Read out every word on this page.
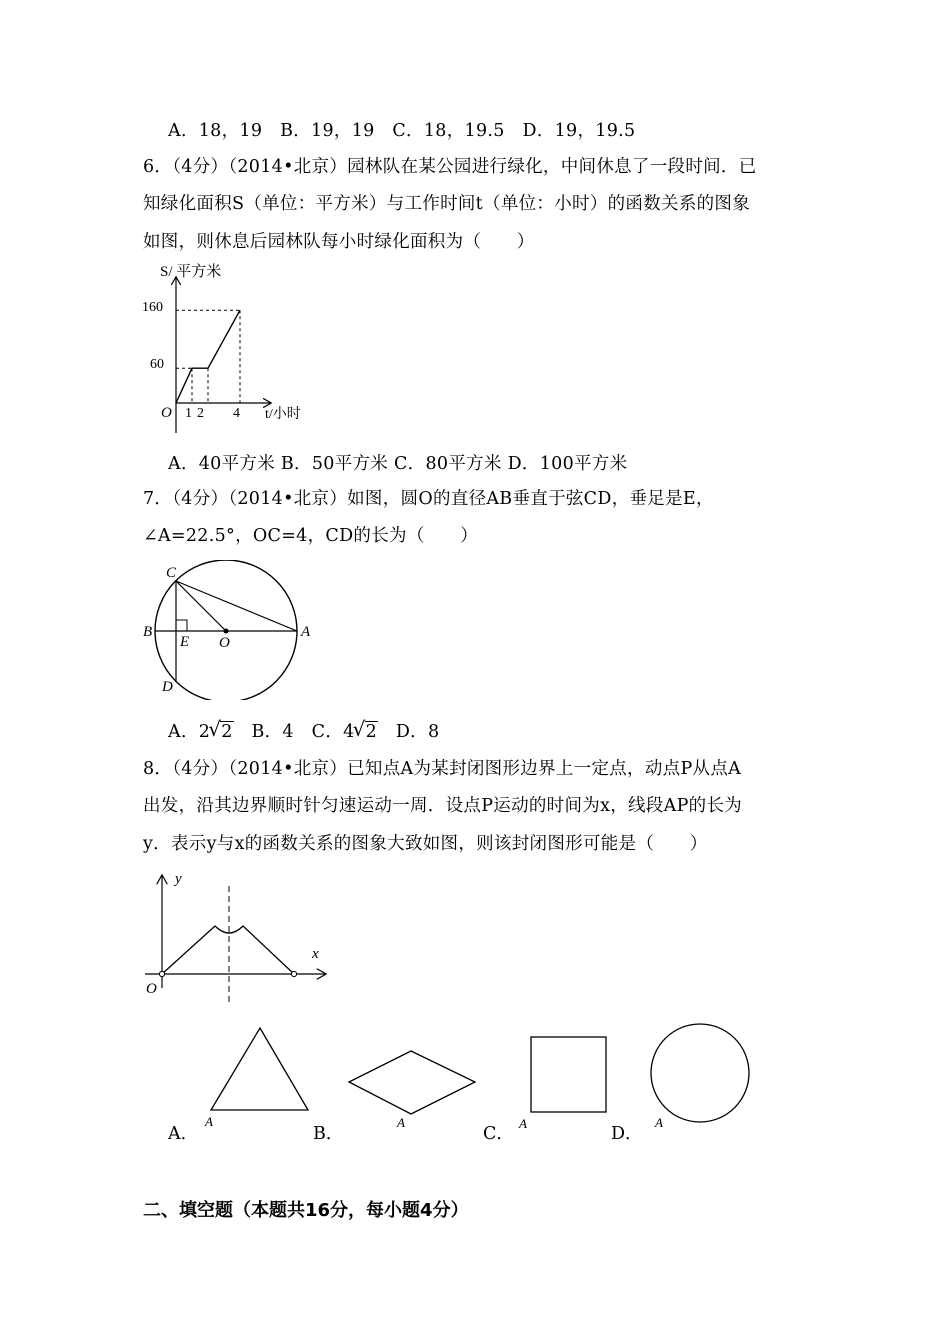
A．18，19　B．19，19　C．18，19.5　D．19，19.5
6．（4分）（2014•北京）园林队在某公园进行绿化，中间休息了一段时间．已
知绿化面积S（单位：平方米）与工作时间t（单位：小时）的函数关系的图象
如图，则休息后园林队每小时绿化面积为（　　）
S/ 平方米
160
60
O 1 2 4 t/小时
A．40平方米 B．50平方米 C．80平方米 D．100平方米
7．（4分）（2014•北京）如图，圆O的直径AB垂直于弦CD，垂足是E，
∠A=22.5°，OC=4，CD的长为（　　）
C
B
E O
A
D
A．2
√ 2　 B．4　 C．4
√ 2　 D．8
8．（4分）（2014•北京）已知点A为某封闭图形边界上一定点，动点P从点A
出发，沿其边界顺时针匀速运动一周．设点P运动的时间为x，线段AP的长为
y．表示y与x的函数关系的图象大致如图，则该封闭图形可能是（　　）
y
x
O
A．
A
B．
A
C．
A
D．
A
二、填空题（本题共16分，每小题4分）
